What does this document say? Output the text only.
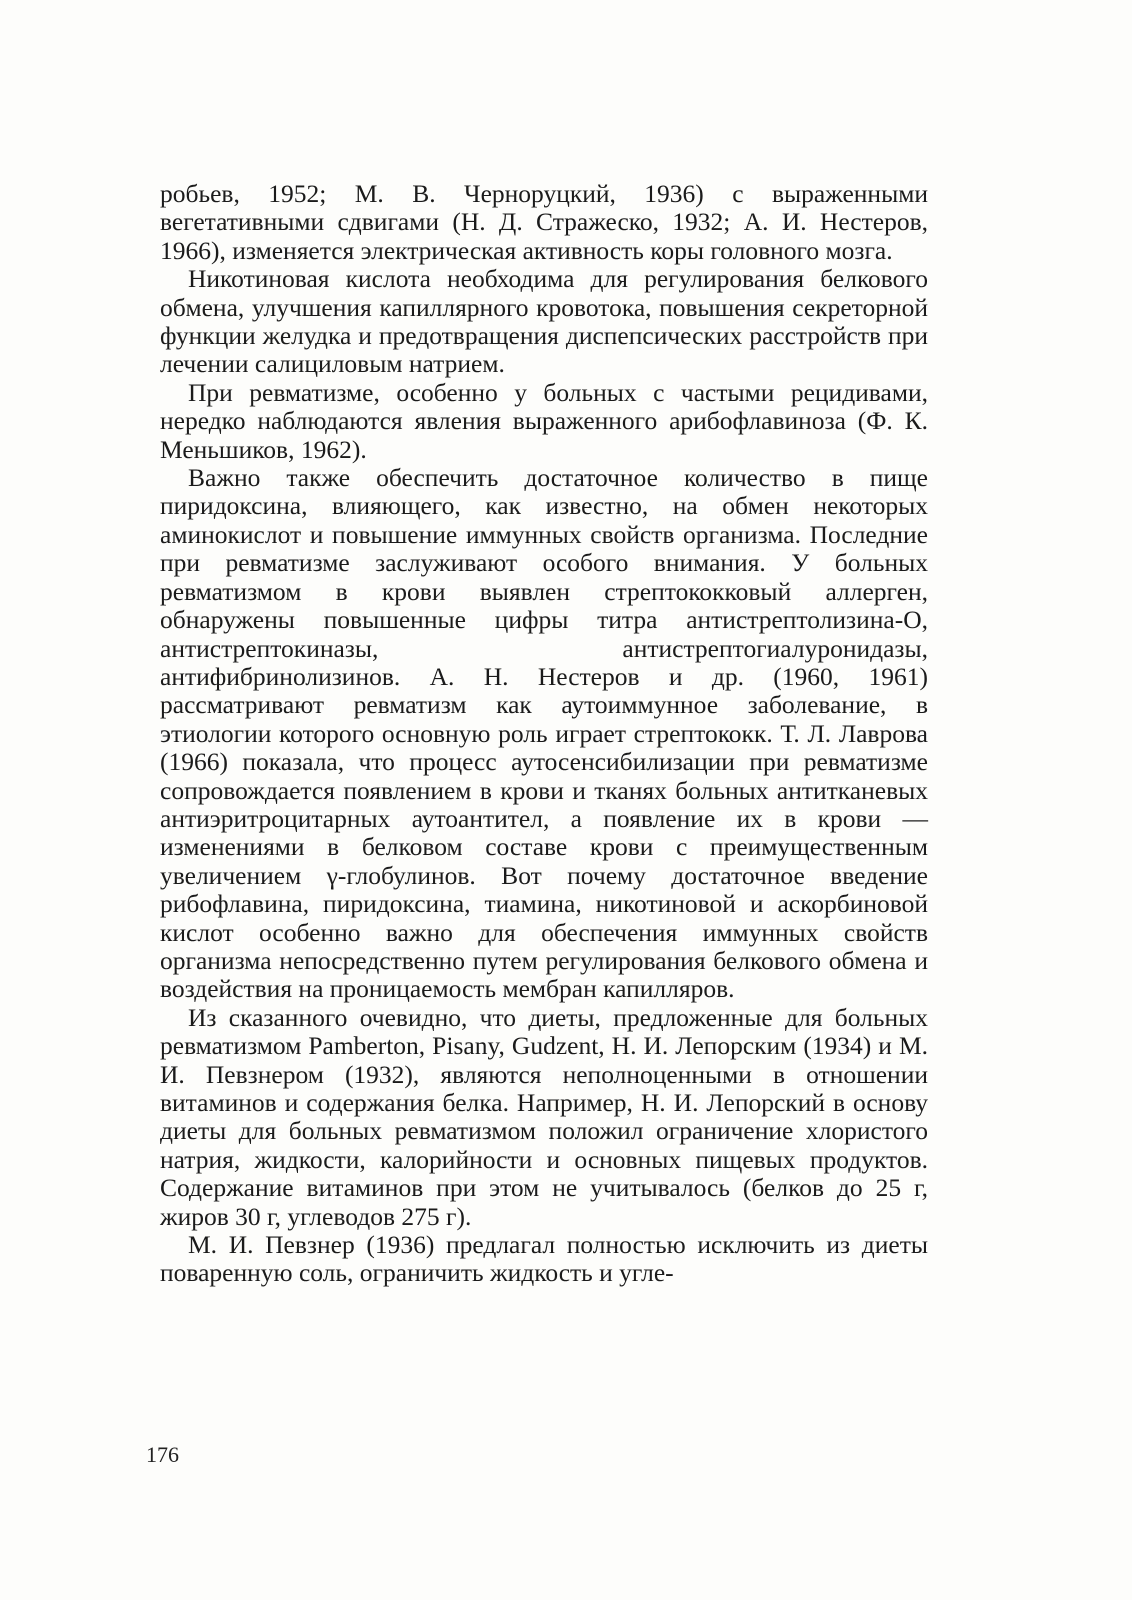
робьев, 1952; М. В. Черноруцкий, 1936) с выраженными вегетативными сдвигами (Н. Д. Стражеско, 1932; А. И. Нестеров, 1966), изменяется электрическая активность коры головного мозга.

Никотиновая кислота необходима для регулирования белкового обмена, улучшения капиллярного кровотока, повышения секреторной функции желудка и предотвращения диспепсических расстройств при лечении салициловым натрием.

При ревматизме, особенно у больных с частыми рецидивами, нередко наблюдаются явления выраженного арибофлавиноза (Ф. К. Меньшиков, 1962).

Важно также обеспечить достаточное количество в пище пиридоксина, влияющего, как известно, на обмен некоторых аминокислот и повышение иммунных свойств организма. Последние при ревматизме заслуживают особого внимания. У больных ревматизмом в крови выявлен стрептококковый аллерген, обнаружены повышенные цифры титра антистрептолизина-О, антистрептокиназы, антистрептогиалуронидазы, антифибринолизинов. А. Н. Нестеров и др. (1960, 1961) рассматривают ревматизм как аутоиммунное заболевание, в этиологии которого основную роль играет стрептококк. Т. Л. Лаврова (1966) показала, что процесс аутосенсибилизации при ревматизме сопровождается появлением в крови и тканях больных антитканевых антиэритроцитарных аутоантител, а появление их в крови — изменениями в белковом составе крови с преимущественным увеличением γ-глобулинов. Вот почему достаточное введение рибофлавина, пиридоксина, тиамина, никотиновой и аскорбиновой кислот особенно важно для обеспечения иммунных свойств организма непосредственно путем регулирования белкового обмена и воздействия на проницаемость мембран капилляров.

Из сказанного очевидно, что диеты, предложенные для больных ревматизмом Pamberton, Pisany, Gudzent, Н. И. Лепорским (1934) и М. И. Певзнером (1932), являются неполноценными в отношении витаминов и содержания белка. Например, Н. И. Лепорский в основу диеты для больных ревматизмом положил ограничение хлористого натрия, жидкости, калорийности и основных пищевых продуктов. Содержание витаминов при этом не учитывалось (белков до 25 г, жиров 30 г, углеводов 275 г).

М. И. Певзнер (1936) предлагал полностью исключить из диеты поваренную соль, ограничить жидкость и угле-

176
